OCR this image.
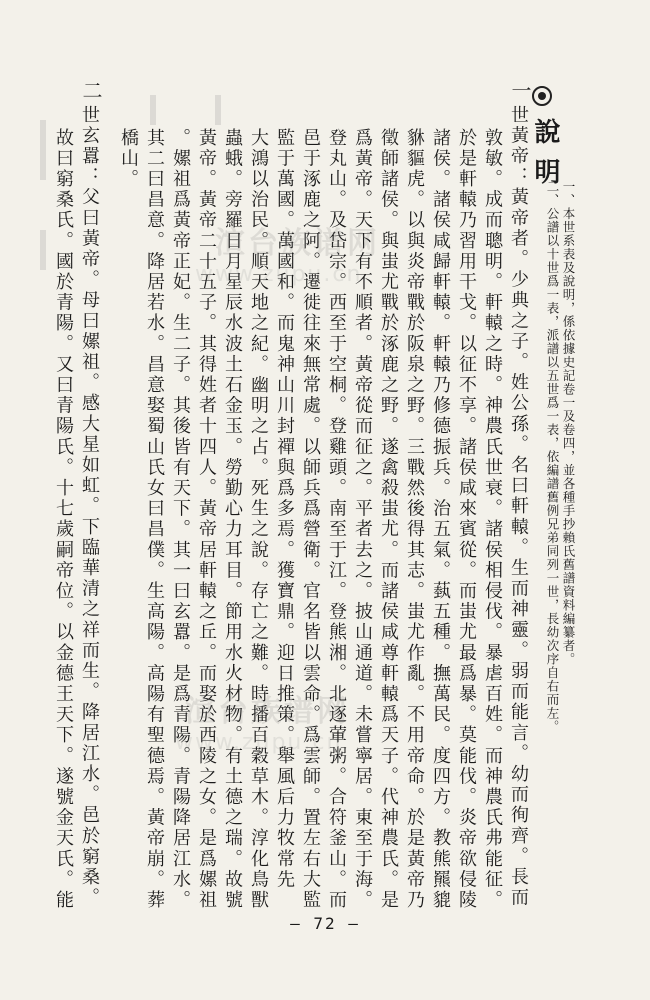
說明
一、本世系表及說明，係依據史記卷一及卷四，並各種手抄賴氏舊譜資料編纂者。
二、公譜以十世爲一表，派譜以五世爲一表，依編譜舊例兄弟同列一世，長幼次序自右而左。
一
二
世黃帝：黃帝者。少典之子。姓公孫。名曰軒轅。生而神靈。弱而能言。幼而徇齊。長而
敦敏。成而聰明。軒轅之時。神農氏世衰。諸侯相侵伐。暴虐百姓。而神農氏弗能征。
於是軒轅乃習用干戈。以征不享。諸侯咸來賓從。而蚩尤最爲暴。莫能伐。炎帝欲侵陵
諸侯。諸侯咸歸軒轅。軒轅乃修德振兵。治五氣。蓺五種。撫萬民。度四方。教熊羆貔
貅貙虎。以與炎帝戰於阪泉之野。三戰然後得其志。蚩尤作亂。不用帝命。於是黃帝乃
徵師諸侯。與蚩尤戰於涿鹿之野。遂禽殺蚩尤。而諸侯咸尊軒轅爲天子。代神農氏。是
爲黃帝。天下有不順者。黃帝從而征之。平者去之。披山通道。未嘗寧居。東至于海。
登丸山。及岱宗。西至于空桐。登雞頭。南至于江。登熊湘。北逐葷粥。合符釜山。而
邑于涿鹿之阿。遷徙往來無常處。以師兵爲營衛。官名皆以雲命。爲雲師。置左右大監
監于萬國。萬國和。而鬼神山川封禪與爲多焉。獲寶鼎。迎日推策。舉風后力牧常先
大鴻以治民。順天地之紀。幽明之占。死生之說。存亡之難。時播百穀草木。淳化鳥獸
蟲蛾。旁羅日月星辰水波土石金玉。勞勤心力耳目。節用水火材物。有土德之瑞。故號
黃帝。黃帝二十五子。其得姓者十四人。黃帝居軒轅之丘。而娶於西陵之女。是爲嫘祖
。嫘祖爲黃帝正妃。生二子。其後皆有天下。其一曰玄囂。是爲青陽。青陽降居江水。
其二曰昌意。降居若水。昌意娶蜀山氏女曰昌僕。生高陽。高陽有聖德焉。黃帝崩。葬
橋山。
世玄囂：父曰黃帝。母曰嫘祖。感大星如虹。下臨華清之祥而生。降居江水。邑於窮桑。
故曰窮桑氏。國於青陽。又曰青陽氏。十七歲嗣帝位。以金德王天下。遂號金天氏。能	渲台族谱网
www.zupu.cn
渲台族谱网
www.zupu.cn
— 72 —
